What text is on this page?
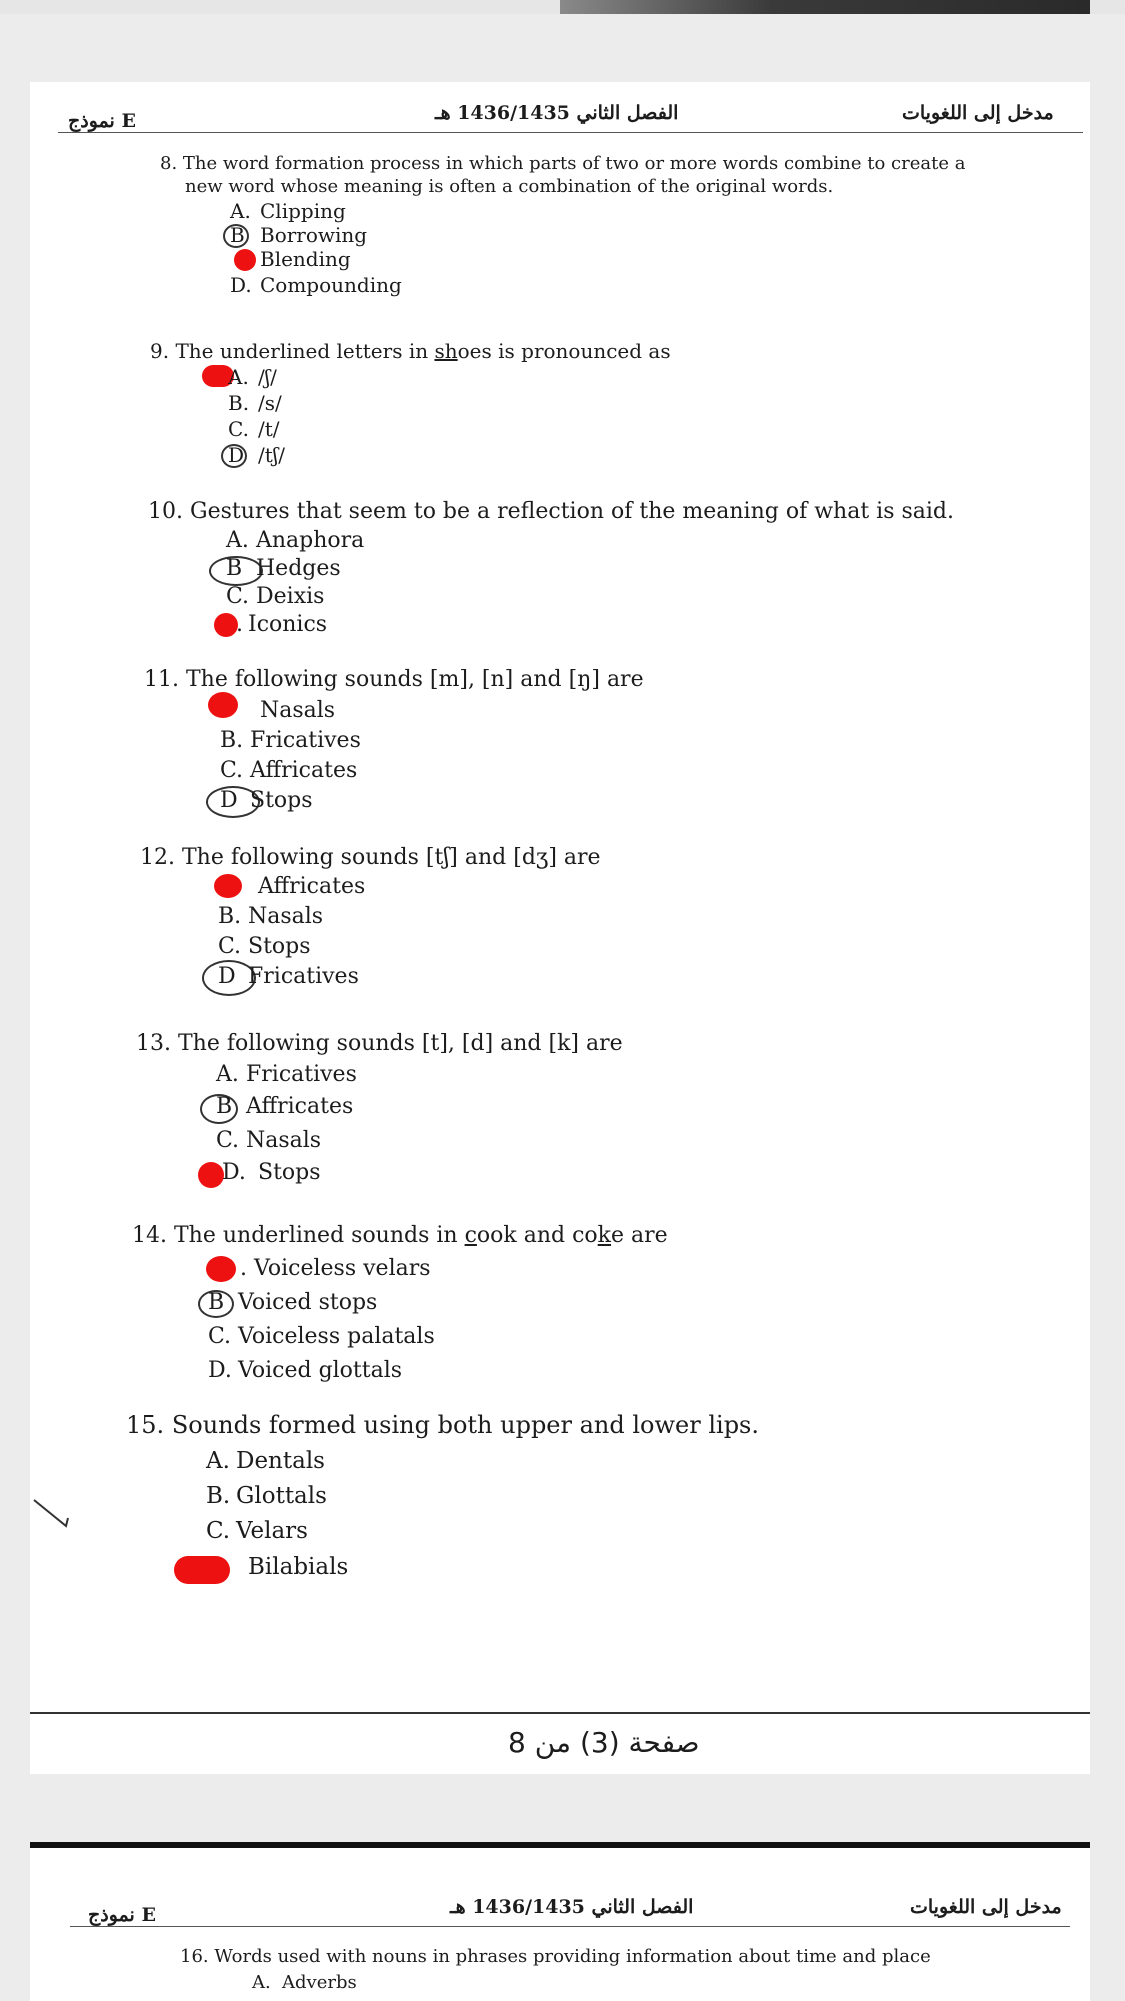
نموذج E	الفصل الثاني 1436/1435 هـ	مدخل إلى اللغويات
8. The word formation process in which parts of two or more words combine to create a
new word whose meaning is often a combination of the original words.
A. Clipping
B Borrowing
Blending
D. Compounding
9. The underlined letters in shoes is pronounced as
A. /ʃ/
B. /s/
C. /t/
D /tʃ/
10. Gestures that seem to be a reflection of the meaning of what is said.
A. Anaphora
B Hedges
C. Deixis
. Iconics
11. The following sounds [m], [n] and [ŋ] are
Nasals
B. Fricatives
C. Affricates
D Stops
12. The following sounds [tʃ] and [dʒ] are
Affricates
B. Nasals
C. Stops
D Fricatives
13. The following sounds [t], [d] and [k] are
A. Fricatives
B Affricates
C. Nasals
D. Stops
14. The underlined sounds in cook and coke are
. Voiceless velars
B Voiced stops
C. Voiceless palatals
D. Voiced glottals
15. Sounds formed using both upper and lower lips.
A. Dentals
B. Glottals
C. Velars
Bilabials
صفحة (3) من 8
نموذج E	الفصل الثاني 1436/1435 هـ	مدخل إلى اللغويات
16. Words used with nouns in phrases providing information about time and place
A. Adverbs
